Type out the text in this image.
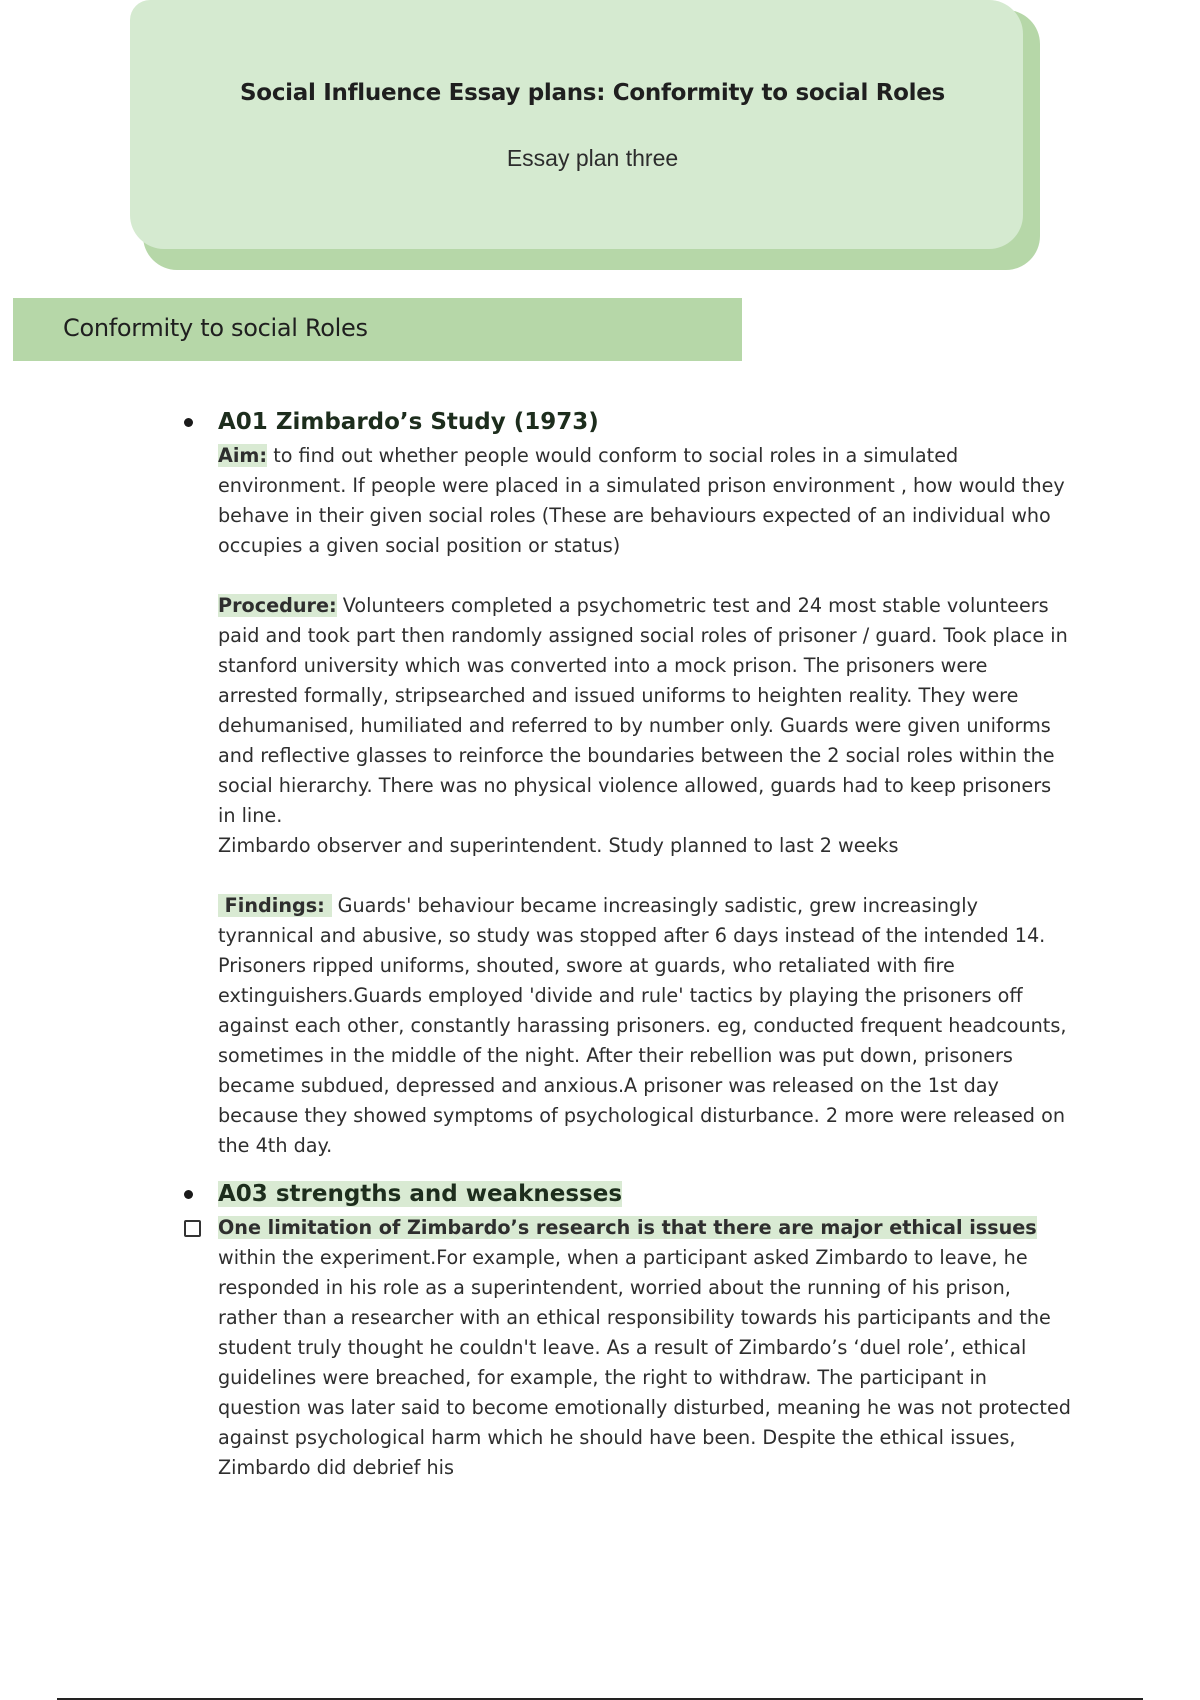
Social Influence Essay plans: Conformity to social Roles
Essay plan three
Conformity to social Roles
A01 Zimbardo’s Study (1973)

Aim: to find out whether people would conform to social roles in a simulated environment. If people were placed in a simulated prison environment , how would they behave in their given social roles (These are behaviours expected of an individual who occupies a given social position or status)

Procedure: Volunteers completed a psychometric test and 24 most stable volunteers paid and took part then randomly assigned social roles of prisoner / guard. Took place in stanford university which was converted into a mock prison. The prisoners were arrested formally, stripsearched and issued uniforms to heighten reality. They were dehumanised, humiliated and referred to by number only. Guards were given uniforms and reflective glasses to reinforce the boundaries between the 2 social roles within the social hierarchy. There was no physical violence allowed, guards had to keep prisoners in line.

Zimbardo observer and superintendent. Study planned to last 2 weeks

Findings:  Guards' behaviour became increasingly sadistic, grew increasingly tyrannical and abusive, so study was stopped after 6 days instead of the intended 14. Prisoners ripped uniforms, shouted, swore at guards, who retaliated with fire extinguishers.Guards employed 'divide and rule' tactics by playing the prisoners off against each other, constantly harassing prisoners. eg, conducted frequent headcounts, sometimes in the middle of the night. After their rebellion was put down, prisoners became subdued, depressed and anxious.A prisoner was released on the 1st day because they showed symptoms of psychological disturbance. 2 more were released on the 4th day.

A03 strengths and weaknesses

One limitation of Zimbardo’s research is that there are major ethical issues within the experiment.For example, when a participant asked Zimbardo to leave, he responded in his role as a superintendent, worried about the running of his prison, rather than a researcher with an ethical responsibility towards his participants and the student truly thought he couldn't leave. As a result of Zimbardo’s ‘duel role’, ethical guidelines were breached, for example, the right to withdraw. The participant in question was later said to become emotionally disturbed, meaning he was not protected against psychological harm which he should have been. Despite the ethical issues, Zimbardo did debrief his
